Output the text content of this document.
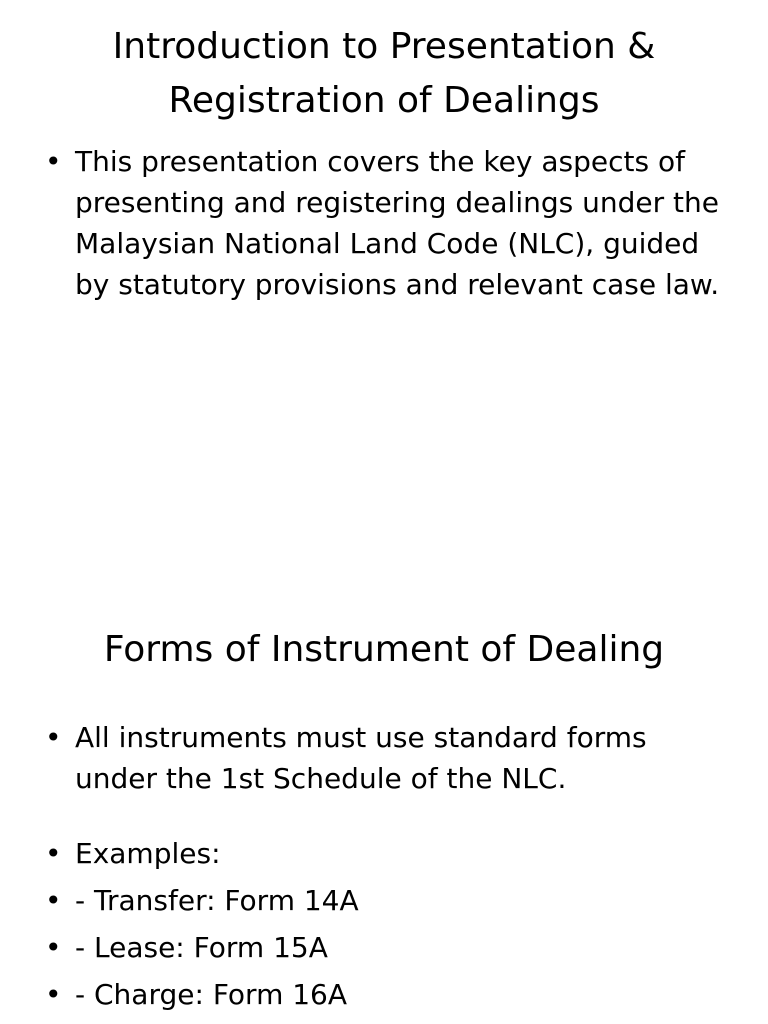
Introduction to Presentation & Registration of Dealings
• This presentation covers the key aspects of presenting and registering dealings under the Malaysian National Land Code (NLC), guided by statutory provisions and relevant case law.
Forms of Instrument of Dealing
• All instruments must use standard forms under the 1st Schedule of the NLC.
• Examples:
• - Transfer: Form 14A
• - Lease: Form 15A
• - Charge: Form 16A
